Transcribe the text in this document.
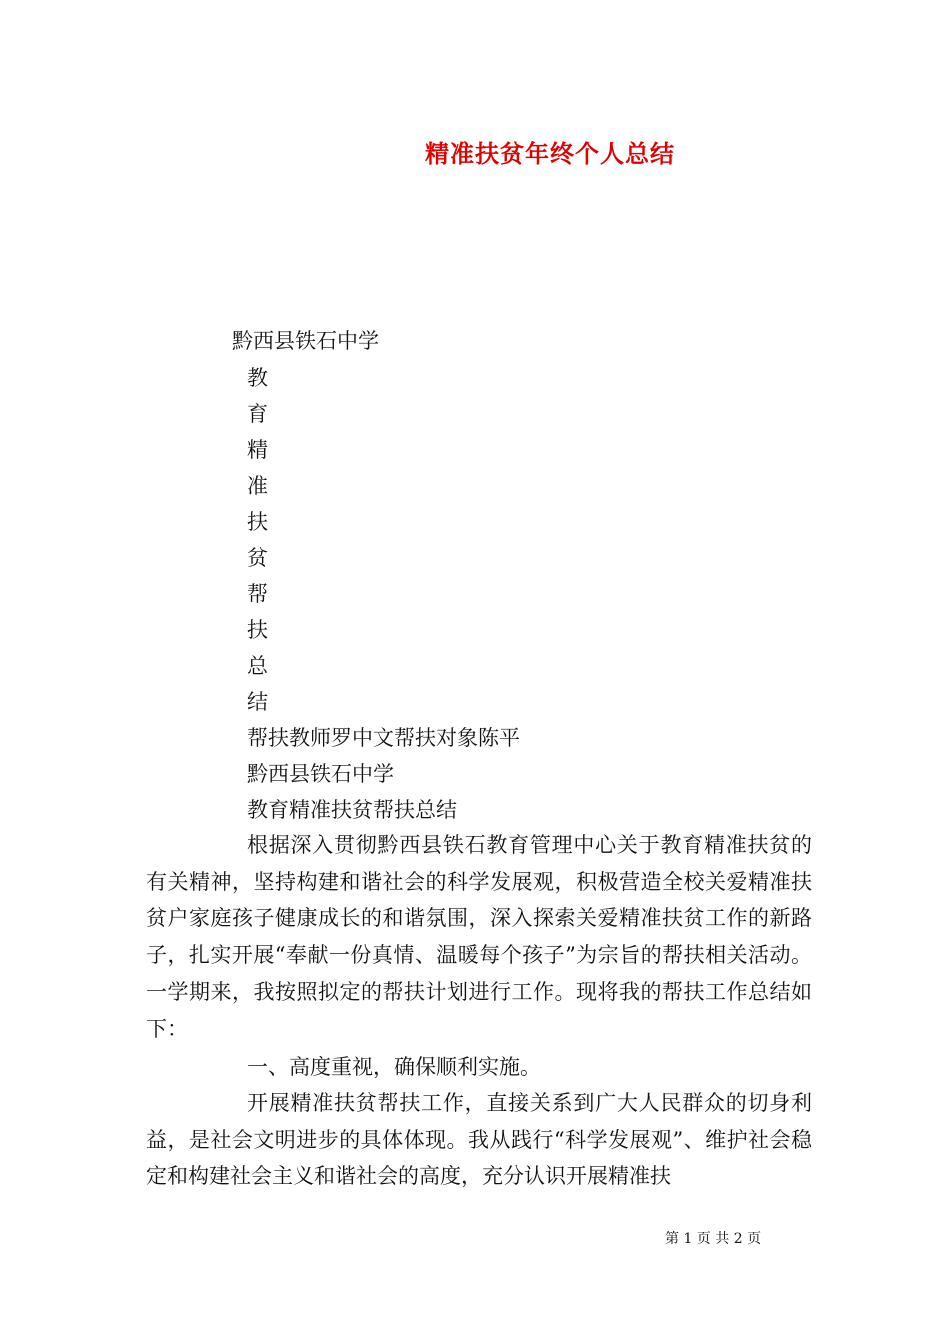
精准扶贫年终个人总结
黔西县铁石中学
教
育
精
准
扶
贫
帮
扶
总
结
帮扶教师罗中文帮扶对象陈平
黔西县铁石中学
教育精准扶贫帮扶总结
根据深入贯彻黔西县铁石教育管理中心关于教育精准扶贫的有关精神，坚持构建和谐社会的科学发展观，积极营造全校关爱精准扶贫户家庭孩子健康成长的和谐氛围，深入探索关爱精准扶贫工作的新路子，扎实开展“奉献一份真情、温暖每个孩子”为宗旨的帮扶相关活动。一学期来，我按照拟定的帮扶计划进行工作。现将我的帮扶工作总结如下：
一、高度重视，确保顺利实施。
开展精准扶贫帮扶工作，直接关系到广大人民群众的切身利益，是社会文明进步的具体体现。我从践行“科学发展观”、维护社会稳定和构建社会主义和谐社会的高度，充分认识开展精准扶
第 1 页 共 2 页
